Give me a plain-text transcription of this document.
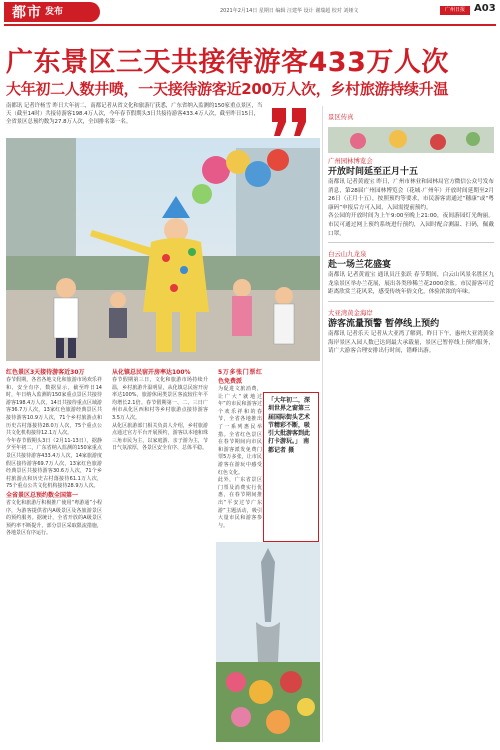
都市 发布	2021年2月14日 星期日 编辑 汪建华 设计 谢瑞超 校对 刘娅文	广州日报 A03
广东景区三天共接待游客433万人次
大年初二人数井喷，一天接待游客近200万人次，乡村旅游持续升温

南都讯 记者许杨雪 昨日大年初二，南都记者从省文化和旅游厅获悉，广东省纳入监测的150家重点景区，当天（截至14时）共接待游客198.4万人次，今年春节假期头3日共接待游客433.4万人次，截至昨日15日，全省景区总预约数为27.8万人次，全国排名第一名。

红色景区3天接待游客近30万

春节假期，各省各地文化和旅游市场欢乐祥和、安全有序，数据显示，截至昨日14时，年日纳入监测的150家重点景区共接待游客198.4万人次，14日共接待重点区域游客36.7万人次，13家红色旅游经典景区共接待游客10.9万人次，71个乡村旅游点和历史古村落接待28.0万人次，75个重点公共文化机构接待12.1万人次。

今年春节假期头3日（2月11-13日），据静夕至年初二，广东省纳入监测的150家重点景区共接待游客433.4万人次，14家旅游度假区接待游客69.7万人次，13家红色旅游经典景区共接待游客30.6万人次，71个乡村旅游点和历史古村落接待61.1万人次，75个重点公共文化机构接待28.9万人次。

全省景区总预约数全国第一

省文化和旅游厅积极推广使用“粤游通”小程序，为游客提供省内A级景区及各旅游景区的预约服务。据统计，全省开放的A级景区预约率不断提升，部分景区采取限流措施，各地景区有序运行。

从化镇总民宿开房率达100%

春节假期第三日，文化和旅游市场持续升温，乡村旅游升温明显，从化镇总民宿开房率达100%，旅游休闲类景区客流较往年平均增长2.1倍。春节假期第一、二、三日广州市从化区西和村等乡村旅游点接待游客3.5万人次。

从化区旅游部门相关负责人介绍，乡村旅游点通过官方平台开展预约，游客以本地和珠三角市民为主，以家庭游、亲子游为主，节日气氛浓厚，各景区安全有序、总体平稳。

5万多张门票红色免费派

为促进文旅消费，让广大“就地过年”的市民和游客过个欢乐祥和的春节，全省各地推出了一系列惠民举措。全省红色景区在春节期间向市民和游客派发免费门票5万多张，让市民游客在游玩中感受红色文化。

此外，广东省景区门票及消费实行优惠，在春节期间推出“平安过节广东游”主题活动，吸引大量市民和游客参与。

「大年初二，深圳世界之窗第三届国际街头艺术节精彩不断，吸引大批游客到此打卡游玩。」 南都记者 摄
景区传真
广州园林博览会
开放时间延至正月十五

南都讯 记者黄霞宝 昨日，广州市林业和园林局官方微信公众号发布消息，第28届广州园林博览会（花城·广州年）开放时间延期至2月26日（正月十五），按照预约等要求，市民游客需通过“穗康”或“粤康码”申报后方可入园，入园需提前预约。

各公园的开放时间为上午9:00至晚上21:00，夜间游园灯光绚丽。市民可通过网上预约系统进行预约，入园时配合测温、扫码，佩戴口罩。

白云山九龙泉
赴一场兰花盛宴

南都讯 记者黄霞宝 通讯员汪张跃 春节期间，白云山风景名胜区九龙泉景区举办兰花展，展出各类珍稀兰花2000余盆。市民游客可近距离欣赏兰花风采，感受传统年俗文化，体验浓浓的年味。

大亚湾黄金海岸
游客流量预警 暂停线上预约

南都讯 记者乐天 记者从大亚湾了解到，昨日下午，惠州大亚湾黄金海岸景区入园人数已达到最大承载量，景区已暂停线上预约服务，请广大游客合理安排出行时间，错峰出游。
